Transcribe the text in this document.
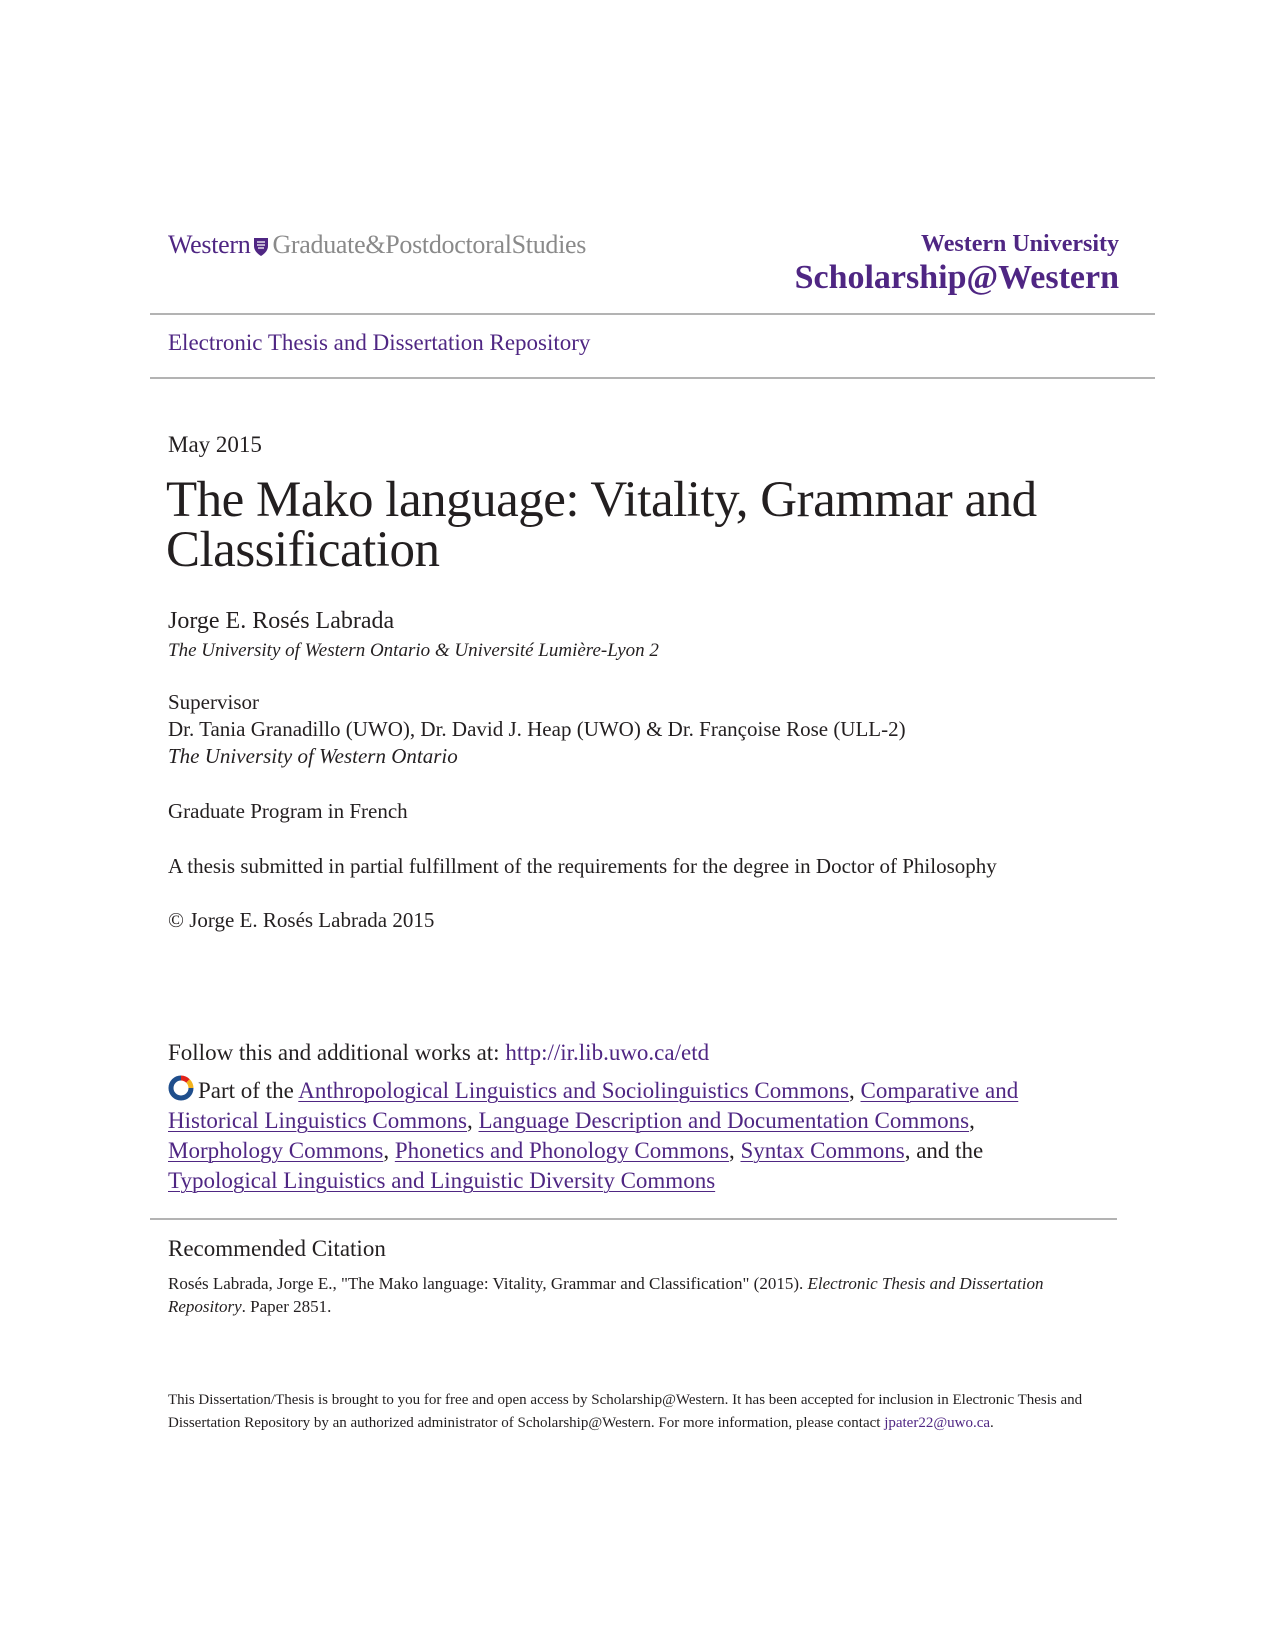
Western Graduate&PostdoctoralStudies	Western University
Scholarship@Western
Electronic Thesis and Dissertation Repository
May 2015
The Mako language: Vitality, Grammar and Classification
Jorge E. Rosés Labrada
The University of Western Ontario & Université Lumière-Lyon 2
Supervisor
Dr. Tania Granadillo (UWO), Dr. David J. Heap (UWO) & Dr. Françoise Rose (ULL-2)
The University of Western Ontario
Graduate Program in French
A thesis submitted in partial fulfillment of the requirements for the degree in Doctor of Philosophy
© Jorge E. Rosés Labrada 2015
Follow this and additional works at: http://ir.lib.uwo.ca/etd
Part of the Anthropological Linguistics and Sociolinguistics Commons, Comparative and Historical Linguistics Commons, Language Description and Documentation Commons, Morphology Commons, Phonetics and Phonology Commons, Syntax Commons, and the Typological Linguistics and Linguistic Diversity Commons
Recommended Citation
Rosés Labrada, Jorge E., "The Mako language: Vitality, Grammar and Classification" (2015). Electronic Thesis and Dissertation Repository. Paper 2851.
This Dissertation/Thesis is brought to you for free and open access by Scholarship@Western. It has been accepted for inclusion in Electronic Thesis and Dissertation Repository by an authorized administrator of Scholarship@Western. For more information, please contact jpater22@uwo.ca.
